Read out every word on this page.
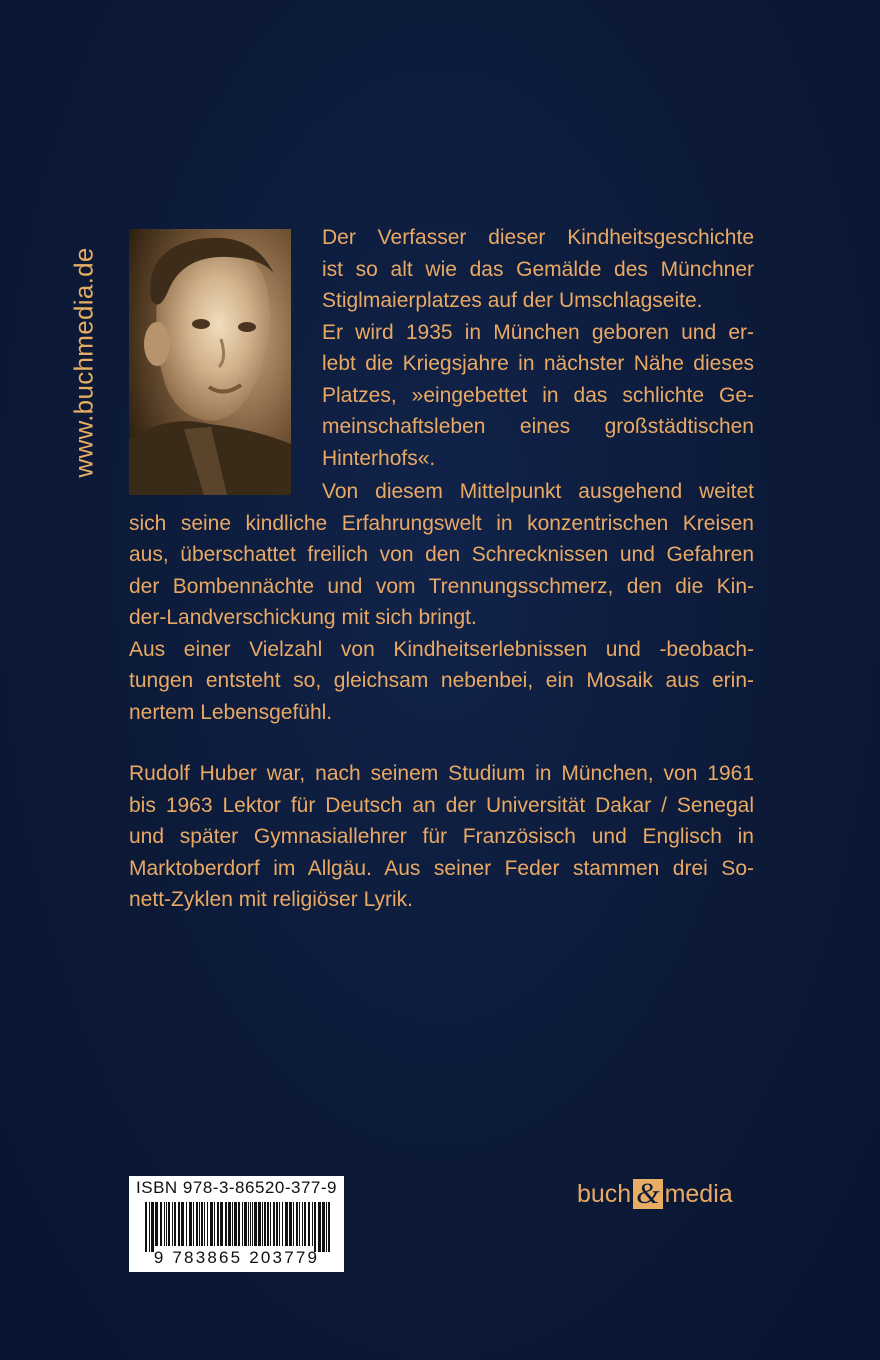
www.buchmedia.de
Der Verfasser dieser Kindheitsgeschichte
ist so alt wie das Gemälde des Münchner
Stiglmaierplatzes auf der Umschlagseite.
Er wird 1935 in München geboren und er-
lebt die Kriegsjahre in nächster Nähe dieses
Platzes, »eingebettet in das schlichte Ge-
meinschaftsleben eines großstädtischen
Hinterhofs«.
Von diesem Mittelpunkt ausgehend weitet
sich seine kindliche Erfahrungswelt in konzentrischen Kreisen
aus, überschattet freilich von den Schrecknissen und Gefahren
der Bombennächte und vom Trennungsschmerz, den die Kin-
der-Landverschickung mit sich bringt.
Aus einer Vielzahl von Kindheitserlebnissen und -beobach-
tungen entsteht so, gleichsam nebenbei, ein Mosaik aus erin-
nertem Lebensgefühl.
Rudolf Huber war, nach seinem Studium in München, von 1961
bis 1963 Lektor für Deutsch an der Universität Dakar / Senegal
und später Gymnasiallehrer für Französisch und Englisch in
Marktoberdorf im Allgäu. Aus seiner Feder stammen drei So-
nett-Zyklen mit religiöser Lyrik.
ISBN 978-3-86520-377-9
9 783865 203779
buch & media
